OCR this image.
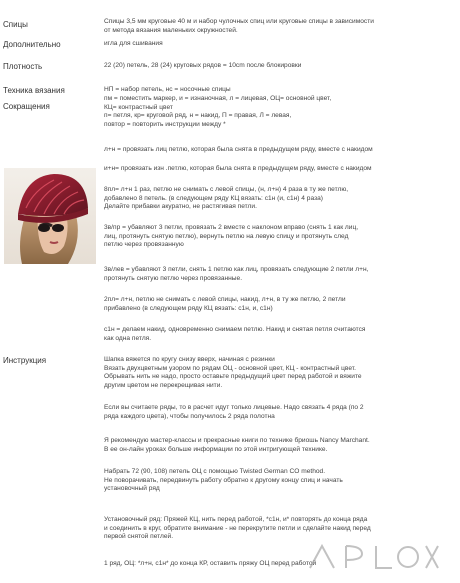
Спицы
Дополнительно
Плотность
Техника вязания
Сокращения
Инструкция

Спицы 3,5 мм круговые 40 м и набор чулочных спиц или круговые спицы в зависимости

от метода вязания маленьких окружностей.

игла для сшивания
22 (20) петель, 28 (24) круговых рядов = 10cm после блокировки
НП = набор петель, нс = носочные спицы

пм = поместить маркер, и = изнаночная, л = лицевая, ОЦ= основной цвет,

КЦ= контрастный цвет

п= петля, кр= круговой ряд, н = накид, П = правая, Л = левая,

повтор = повторить инструкции между *

л+н = провязать лиц петлю, которая была снята в предыдущем ряду, вместе с накидом
и+н= провязать изн .петлю, которая была снята в предыдущем ряду, вместе с накидом

8пл= л+н 1 раз, петлю не снимать с левой спицы, (н, л+н) 4 раза в ту же петлю,

добавлено 8 петель. (в следующем ряду КЦ вязать: с1н (и, с1н) 4 раза)

Делайте прибавки акуратно, не растягивая петли.

3в/пр = убавляют 3 петли, провязать 2 вместе с наклоном вправо (снять 1 как лиц,

лиц, протянуть снятую петлю), вернуть петлю на левую спицу и протянуть след

петлю через провязанную

3в/лев = убавляют 3 петли, снять 1 петлю как лиц, провязать следующие 2 петли л+н,

протянуть снятую петлю через провязанные.

2пл= л+н, петлю не снимать с левой спицы, накид, л+н, в ту же петлю, 2 петли

прибавлено (в следующем ряду КЦ вязать: с1н, и, с1н)

с1н = делаем накид, одновременно снимаем петлю. Накид и снятая петля считаются

как одна петля.

Шапка вяжется по кругу снизу вверх, начиная с резинки

Вязать двухцветным узором по рядам ОЦ - основной цвет, КЦ - контрастный цвет.

Обрывать нить не надо, просто оставьте предыдущий цвет перед работой и вяжите

другим цветом не перекрещивая нити.

Если вы считаете ряды, то в расчет идут только лицевые. Надо связать 4 ряда (по 2

ряда каждого цвета), чтобы получилось 2 ряда полотна

Я рекомендую мастер-классы и прекрасные книги по технике бриошь Nancy Marchant.

В ее он-лайн уроках больше информации по этой интригующей технике.

Набрать 72 (90, 108) петель ОЦ с помощью Twisted German CO method.

Не поворачивать, передвинуть работу обратно к другому концу спиц и начать

установочный ряд

Установочный ряд: Пряжей КЦ, нить перед работой, *с1н, и* повторять до конца ряда

и соединить в круг, обратите внимание - не перекрутите петли и сделайте накид перед

первой снятой петлей.

1 ряд, ОЦ: *л+н, с1н* до конца КР, оставить пряжу ОЦ перед работой
